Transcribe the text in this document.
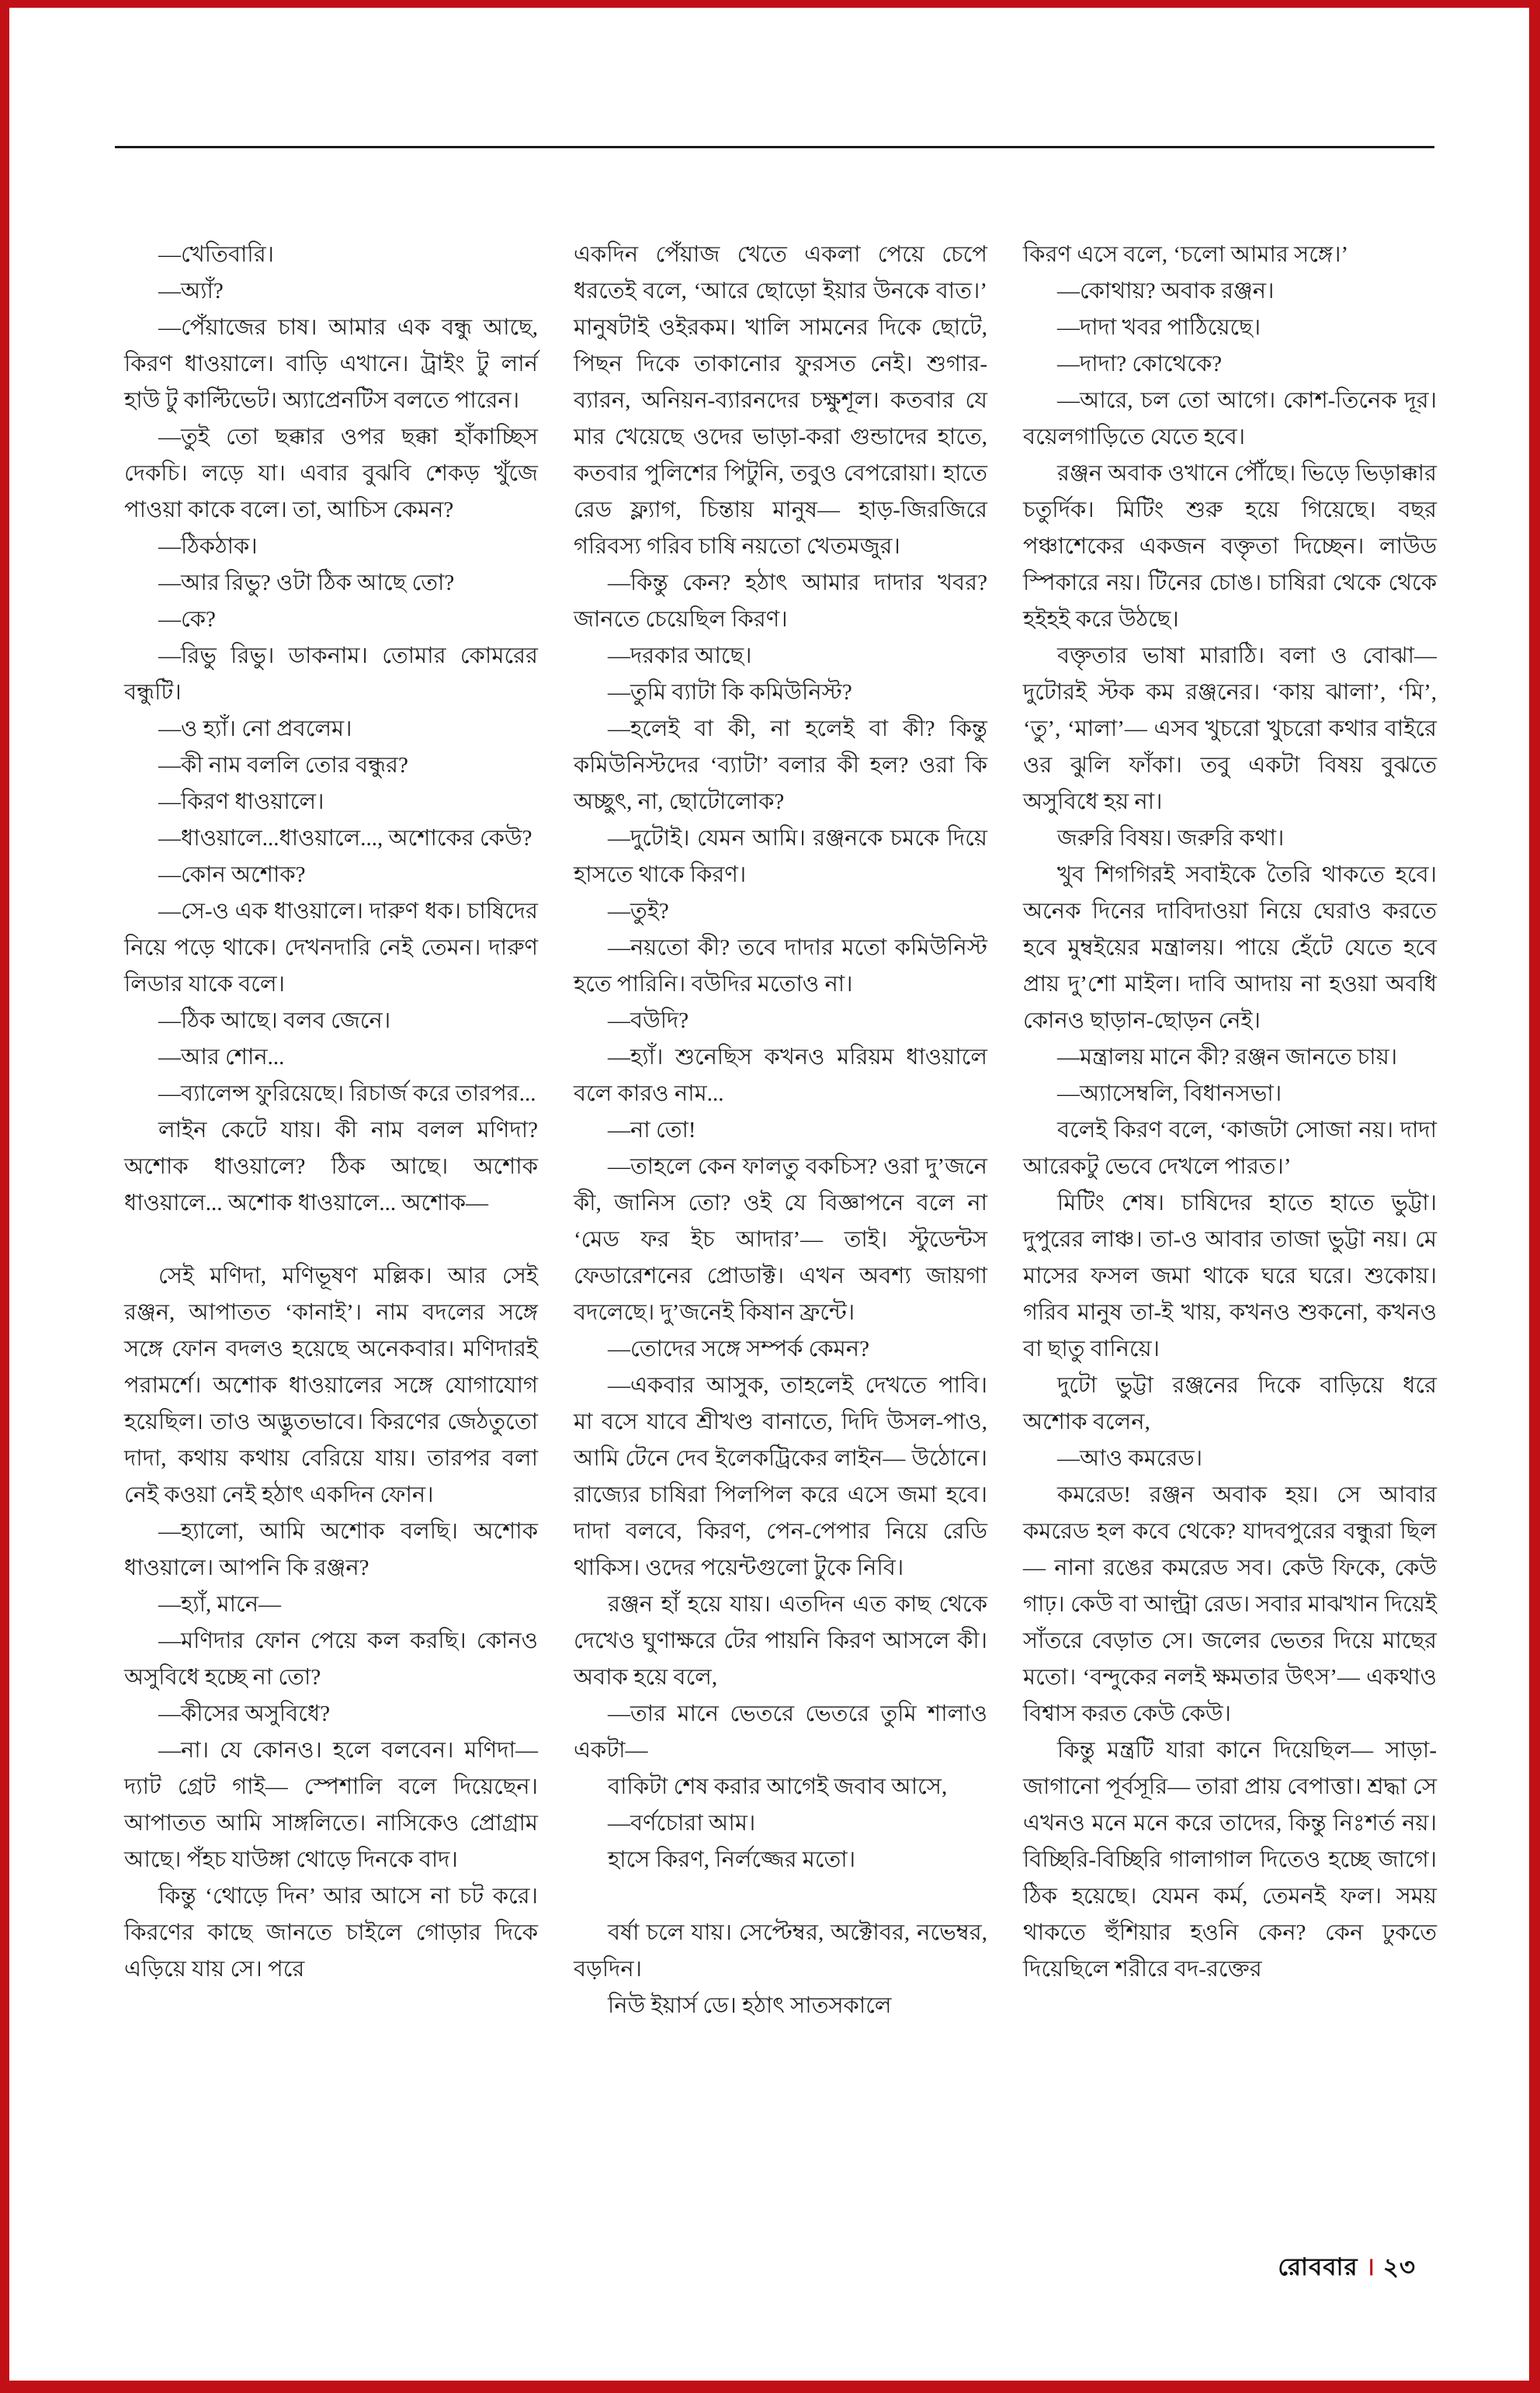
—খেতিবারি।

—অ্যাঁ?

—পেঁয়াজের চাষ। আমার এক বন্ধু আছে, কিরণ ধাওয়ালে। বাড়ি এখানে। ট্রাইং টু লার্ন হাউ টু কাল্টিভেট। অ্যাপ্রেনটিস বলতে পারেন।

—তুই তো ছক্কার ওপর ছক্কা হাঁকাচ্ছিস দেকচি। লড়ে যা। এবার বুঝবি শেকড় খুঁজে পাওয়া কাকে বলে। তা, আচিস কেমন?

—ঠিকঠাক।

—আর রিভু? ওটা ঠিক আছে তো?

—কে?

—রিভু রিভু। ডাকনাম। তোমার কোমরের বন্ধুটি।

—ও হ্যাঁ। নো প্রবলেম।

—কী নাম বললি তোর বন্ধুর?

—কিরণ ধাওয়ালে।

—ধাওয়ালে...ধাওয়ালে..., অশোকের কেউ?

—কোন অশোক?

—সে-ও এক ধাওয়ালে। দারুণ ধক। চাষিদের নিয়ে পড়ে থাকে। দেখনদারি নেই তেমন। দারুণ লিডার যাকে বলে।

—ঠিক আছে। বলব জেনে।

—আর শোন...

—ব্যালেন্স ফুরিয়েছে। রিচার্জ করে তারপর...

লাইন কেটে যায়। কী নাম বলল মণিদা? অশোক ধাওয়ালে? ঠিক আছে। অশোক ধাওয়ালে... অশোক ধাওয়ালে... অশোক—

সেই মণিদা, মণিভূষণ মল্লিক। আর সেই রঞ্জন, আপাতত ‘কানাই’। নাম বদলের সঙ্গে সঙ্গে ফোন বদলও হয়েছে অনেকবার। মণিদারই পরামর্শে। অশোক ধাওয়ালের সঙ্গে যোগাযোগ হয়েছিল। তাও অদ্ভুতভাবে। কিরণের জেঠতুতো দাদা, কথায় কথায় বেরিয়ে যায়। তারপর বলা নেই কওয়া নেই হঠাৎ একদিন ফোন।

—হ্যালো, আমি অশোক বলছি। অশোক ধাওয়ালে। আপনি কি রঞ্জন?

—হ্যাঁ, মানে—

—মণিদার ফোন পেয়ে কল করছি। কোনও অসুবিধে হচ্ছে না তো?

—কীসের অসুবিধে?

—না। যে কোনও। হলে বলবেন। মণিদা— দ্যাট গ্রেট গাই— স্পেশালি বলে দিয়েছেন। আপাতত আমি সাঙ্গলিতে। নাসিকেও প্রোগ্রাম আছে। পঁহচ যাউঙ্গা থোড়ে দিনকে বাদ।

কিন্তু ‘থোড়ে দিন’ আর আসে না চট করে। কিরণের কাছে জানতে চাইলে গোড়ার দিকে এড়িয়ে যায় সে। পরে

একদিন পেঁয়াজ খেতে একলা পেয়ে চেপে ধরতেই বলে, ‘আরে ছোড়ো ইয়ার উনকে বাত।’ মানুষটাই ওইরকম। খালি সামনের দিকে ছোটে, পিছন দিকে তাকানোর ফুরসত নেই। শুগার-ব্যারন, অনিয়ন-ব্যারনদের চক্ষুশূল। কতবার যে মার খেয়েছে ওদের ভাড়া-করা গুন্ডাদের হাতে, কতবার পুলিশের পিটুনি, তবুও বেপরোয়া। হাতে রেড ফ্ল্যাগ, চিন্তায় মানুষ— হাড়-জিরজিরে গরিবস্য গরিব চাষি নয়তো খেতমজুর।

—কিন্তু কেন? হঠাৎ আমার দাদার খবর? জানতে চেয়েছিল কিরণ।

—দরকার আছে।

—তুমি ব্যাটা কি কমিউনিস্ট?

—হলেই বা কী, না হলেই বা কী? কিন্তু কমিউনিস্টদের ‘ব্যাটা’ বলার কী হল? ওরা কি অচ্ছুৎ, না, ছোটোলোক?

—দুটোই। যেমন আমি। রঞ্জনকে চমকে দিয়ে হাসতে থাকে কিরণ।

—তুই?

—নয়তো কী? তবে দাদার মতো কমিউনিস্ট হতে পারিনি। বউদির মতোও না।

—বউদি?

—হ্যাঁ। শুনেছিস কখনও মরিয়ম ধাওয়ালে বলে কারও নাম...

—না তো!

—তাহলে কেন ফালতু বকচিস? ওরা দু’জনে কী, জানিস তো? ওই যে বিজ্ঞাপনে বলে না ‘মেড ফর ইচ আদার’— তাই। স্টুডেন্টস ফেডারেশনের প্রোডাক্ট। এখন অবশ্য জায়গা বদলেছে। দু’জনেই কিষান ফ্রন্টে।

—তোদের সঙ্গে সম্পর্ক কেমন?

—একবার আসুক, তাহলেই দেখতে পাবি। মা বসে যাবে শ্রীখণ্ড বানাতে, দিদি উসল-পাও, আমি টেনে দেব ইলেকট্রিকের লাইন— উঠোনে। রাজ্যের চাষিরা পিলপিল করে এসে জমা হবে। দাদা বলবে, কিরণ, পেন-পেপার নিয়ে রেডি থাকিস। ওদের পয়েন্টগুলো টুকে নিবি।

রঞ্জন হাঁ হয়ে যায়। এতদিন এত কাছ থেকে দেখেও ঘুণাক্ষরে টের পায়নি কিরণ আসলে কী। অবাক হয়ে বলে,

—তার মানে ভেতরে ভেতরে তুমি শালাও একটা—

বাকিটা শেষ করার আগেই জবাব আসে,

—বর্ণচোরা আম।

হাসে কিরণ, নির্লজ্জের মতো।

বর্ষা চলে যায়। সেপ্টেম্বর, অক্টোবর, নভেম্বর, বড়দিন।

নিউ ইয়ার্স ডে। হঠাৎ সাতসকালে

কিরণ এসে বলে, ‘চলো আমার সঙ্গে।’

—কোথায়? অবাক রঞ্জন।

—দাদা খবর পাঠিয়েছে।

—দাদা? কোথেকে?

—আরে, চল তো আগে। কোশ-তিনেক দূর। বয়েলগাড়িতে যেতে হবে।

রঞ্জন অবাক ওখানে পৌঁছে। ভিড়ে ভিড়াক্কার চতুর্দিক। মিটিং শুরু হয়ে গিয়েছে। বছর পঞ্চাশেকের একজন বক্তৃতা দিচ্ছেন। লাউড স্পিকারে নয়। টিনের চোঙ। চাষিরা থেকে থেকে হইহই করে উঠছে।

বক্তৃতার ভাষা মারাঠি। বলা ও বোঝা— দুটোরই স্টক কম রঞ্জনের। ‘কায় ঝালা’, ‘মি’, ‘তু’, ‘মালা’— এসব খুচরো খুচরো কথার বাইরে ওর ঝুলি ফাঁকা। তবু একটা বিষয় বুঝতে অসুবিধে হয় না।

জরুরি বিষয়। জরুরি কথা।

খুব শিগগিরই সবাইকে তৈরি থাকতে হবে। অনেক দিনের দাবিদাওয়া নিয়ে ঘেরাও করতে হবে মুম্বইয়ের মন্ত্রালয়। পায়ে হেঁটে যেতে হবে প্রায় দু’শো মাইল। দাবি আদায় না হওয়া অবধি কোনও ছাড়ান-ছোড়ন নেই।

—মন্ত্রালয় মানে কী? রঞ্জন জানতে চায়।

—অ্যাসেম্বলি, বিধানসভা।

বলেই কিরণ বলে, ‘কাজটা সোজা নয়। দাদা আরেকটু ভেবে দেখলে পারত।’

মিটিং শেষ। চাষিদের হাতে হাতে ভুট্টা। দুপুরের লাঞ্চ। তা-ও আবার তাজা ভুট্টা নয়। মে মাসের ফসল জমা থাকে ঘরে ঘরে। শুকোয়। গরিব মানুষ তা-ই খায়, কখনও শুকনো, কখনও বা ছাতু বানিয়ে।

দুটো ভুট্টা রঞ্জনের দিকে বাড়িয়ে ধরে অশোক বলেন,

—আও কমরেড।

কমরেড! রঞ্জন অবাক হয়। সে আবার কমরেড হল কবে থেকে? যাদবপুরের বন্ধুরা ছিল— নানা রঙের কমরেড সব। কেউ ফিকে, কেউ গাঢ়। কেউ বা আল্ট্রা রেড। সবার মাঝখান দিয়েই সাঁতরে বেড়াত সে। জলের ভেতর দিয়ে মাছের মতো। ‘বন্দুকের নলই ক্ষমতার উৎস’— একথাও বিশ্বাস করত কেউ কেউ।

কিন্তু মন্ত্রটি যারা কানে দিয়েছিল— সাড়া-জাগানো পূর্বসূরি— তারা প্রায় বেপাত্তা। শ্রদ্ধা সে এখনও মনে মনে করে তাদের, কিন্তু নিঃশর্ত নয়। বিচ্ছিরি-বিচ্ছিরি গালাগাল দিতেও হচ্ছে জাগে। ঠিক হয়েছে। যেমন কর্ম, তেমনই ফল। সময় থাকতে হুঁশিয়ার হওনি কেন? কেন ঢুকতে দিয়েছিলে শরীরে বদ-রক্তের

রোববার । ২৩
